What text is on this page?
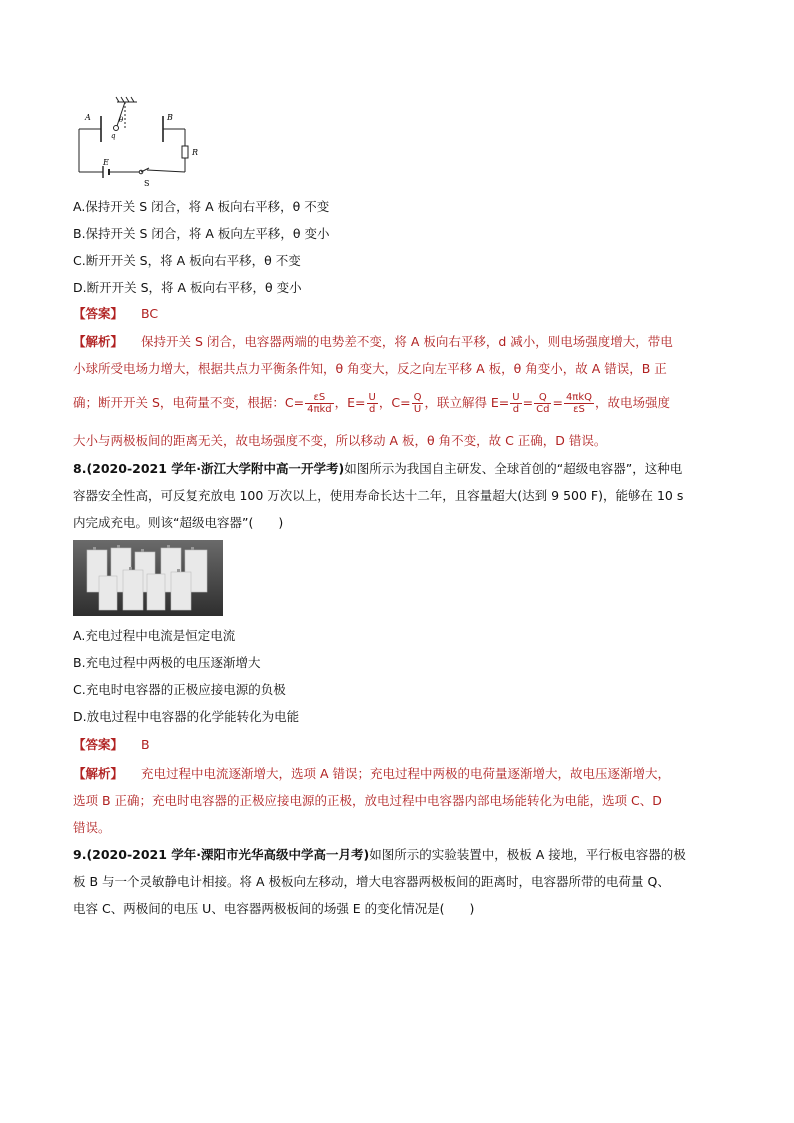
A	B
R
E
S
θ
q
A.保持开关 S 闭合，将 A 板向右平移，θ 不变
B.保持开关 S 闭合，将 A 板向左平移，θ 变小
C.断开开关 S，将 A 板向右平移，θ 不变
D.断开开关 S，将 A 板向右平移，θ 变小
【答案】 BC
【解析】 保持开关 S 闭合，电容器两端的电势差不变，将 A 板向右平移，d 减小，则电场强度增大，带电
小球所受电场力增大，根据共点力平衡条件知，θ 角变大，反之向左平移 A 板，θ 角变小，故 A 错误，B 正
确；断开开关 S，电荷量不变，根据：$C= \frac{\varepsilon S}{\text{4πkd}}$ ，$E= \frac{U}{d}$ ，$C= \frac{Q}{U}$ ，联立解得 $E= \frac{U}{d} = \frac{Q}{Cd} = \frac{\text{4πkQ}}{\varepsilon S}$ ，故电场强度
大小与两极板间的距离无关，故电场强度不变，所以移动 A 板，θ 角不变，故 C 正确，D 错误。
8.(2020-2021 学年·浙江大学附中高一开学考)如图所示为我国自主研发、全球首创的“超级电容器”，这种电
容器安全性高，可反复充放电 100 万次以上，使用寿命长达十二年，且容量超大(达到 9 500 F)，能够在 10 s
内完成充电。则该“超级电容器”(　　)
A.充电过程中电流是恒定电流
B.充电过程中两极的电压逐渐增大
C.充电时电容器的正极应接电源的负极
D.放电过程中电容器的化学能转化为电能
【答案】 B
【解析】 充电过程中电流逐渐增大，选项 A 错误；充电过程中两极的电荷量逐渐增大，故电压逐渐增大，
选项 B 正确；充电时电容器的正极应接电源的正极，放电过程中电容器内部电场能转化为电能，选项 C、D
错误。
9.(2020-2021 学年·溧阳市光华高级中学高一月考)如图所示的实验装置中，极板 A 接地，平行板电容器的极
板 B 与一个灵敏静电计相接。将 A 极板向左移动，增大电容器两极板间的距离时，电容器所带的电荷量 Q、
电容 C、两极间的电压 U、电容器两极板间的场强 E 的变化情况是(　　)
